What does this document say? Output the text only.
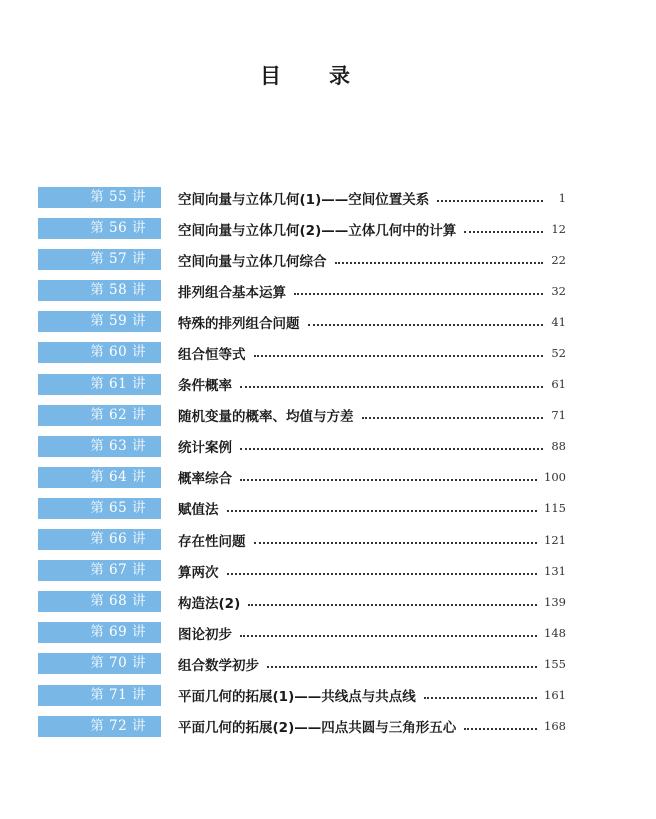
目 录
第 55 讲	空间向量与立体几何(1)——空间位置关系	1
第 56 讲	空间向量与立体几何(2)——立体几何中的计算	12
第 57 讲	空间向量与立体几何综合	22
第 58 讲	排列组合基本运算	32
第 59 讲	特殊的排列组合问题	41
第 60 讲	组合恒等式	52
第 61 讲	条件概率	61
第 62 讲	随机变量的概率、均值与方差	71
第 63 讲	统计案例	88
第 64 讲	概率综合	100
第 65 讲	赋值法	115
第 66 讲	存在性问题	121
第 67 讲	算两次	131
第 68 讲	构造法(2)	139
第 69 讲	图论初步	148
第 70 讲	组合数学初步	155
第 71 讲	平面几何的拓展(1)——共线点与共点线	161
第 72 讲	平面几何的拓展(2)——四点共圆与三角形五心	168
